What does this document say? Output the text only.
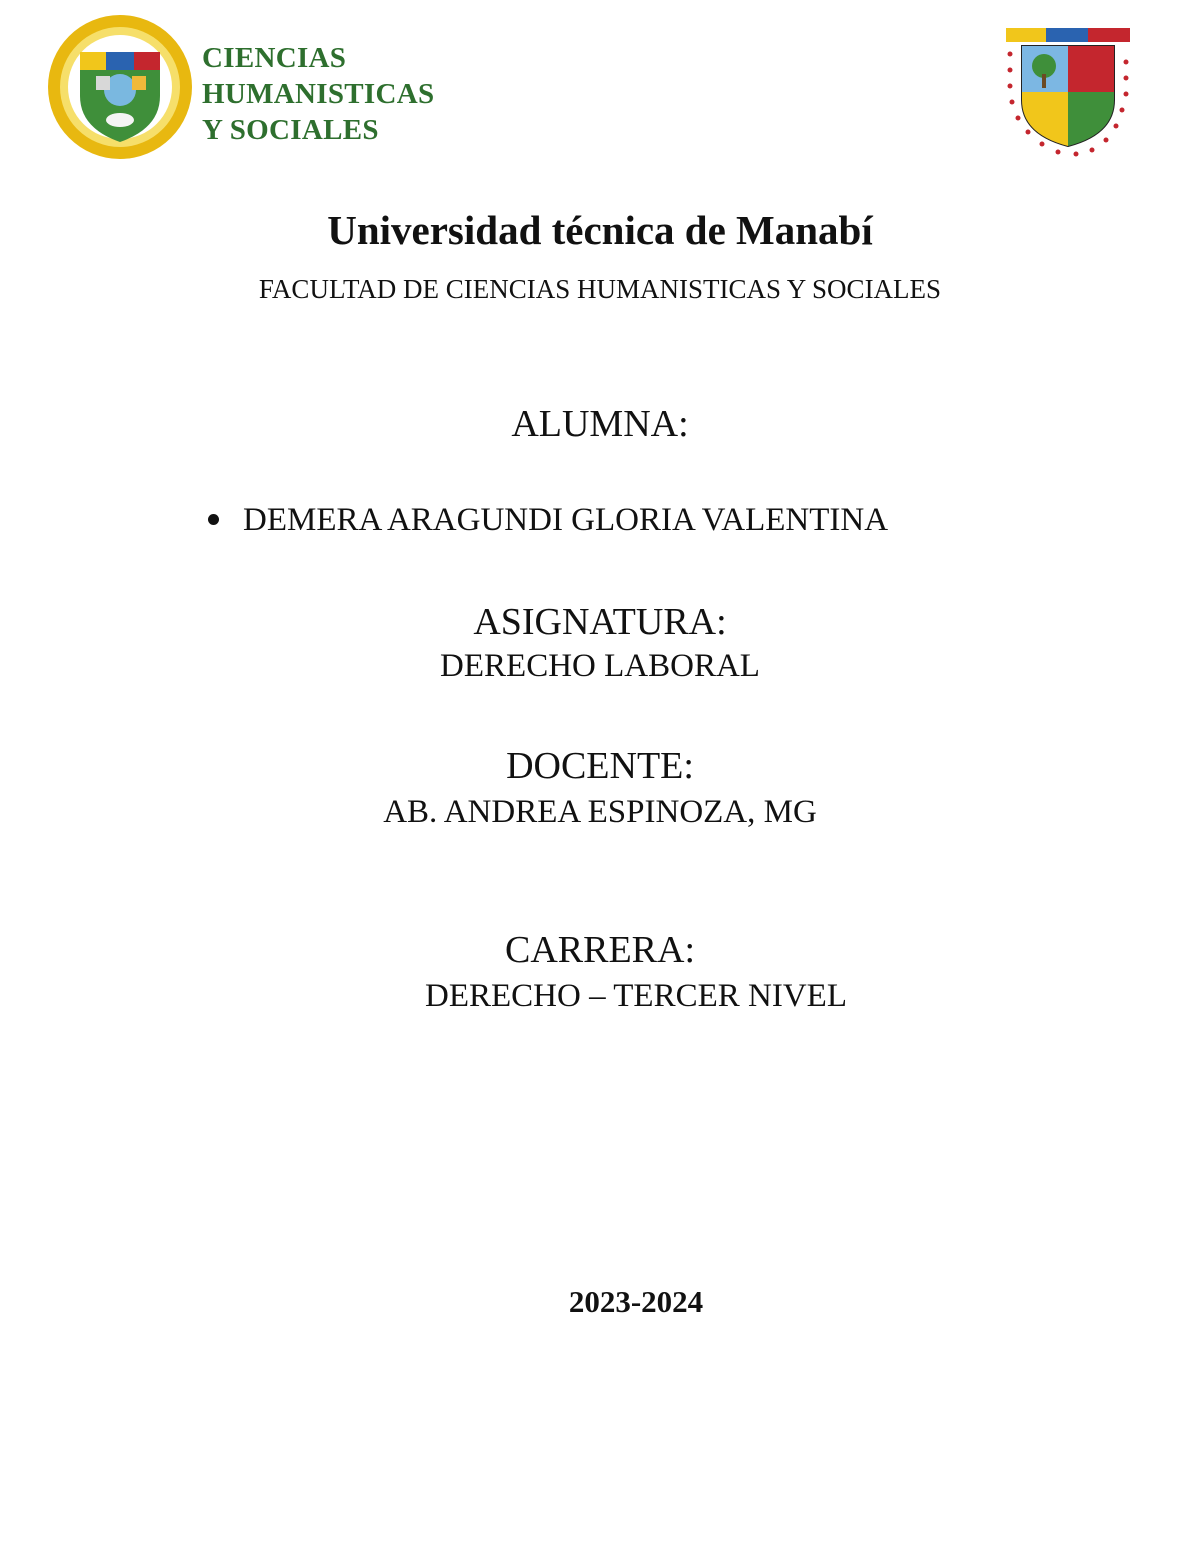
CIENCIAS
HUMANISTICAS
Y SOCIALES
Universidad técnica de Manabí
FACULTAD DE CIENCIAS HUMANISTICAS Y SOCIALES
ALUMNA:
DEMERA ARAGUNDI GLORIA VALENTINA
ASIGNATURA:
DERECHO LABORAL
DOCENTE:
AB. ANDREA ESPINOZA, MG
CARRERA:
DERECHO – TERCER NIVEL
2023-2024
